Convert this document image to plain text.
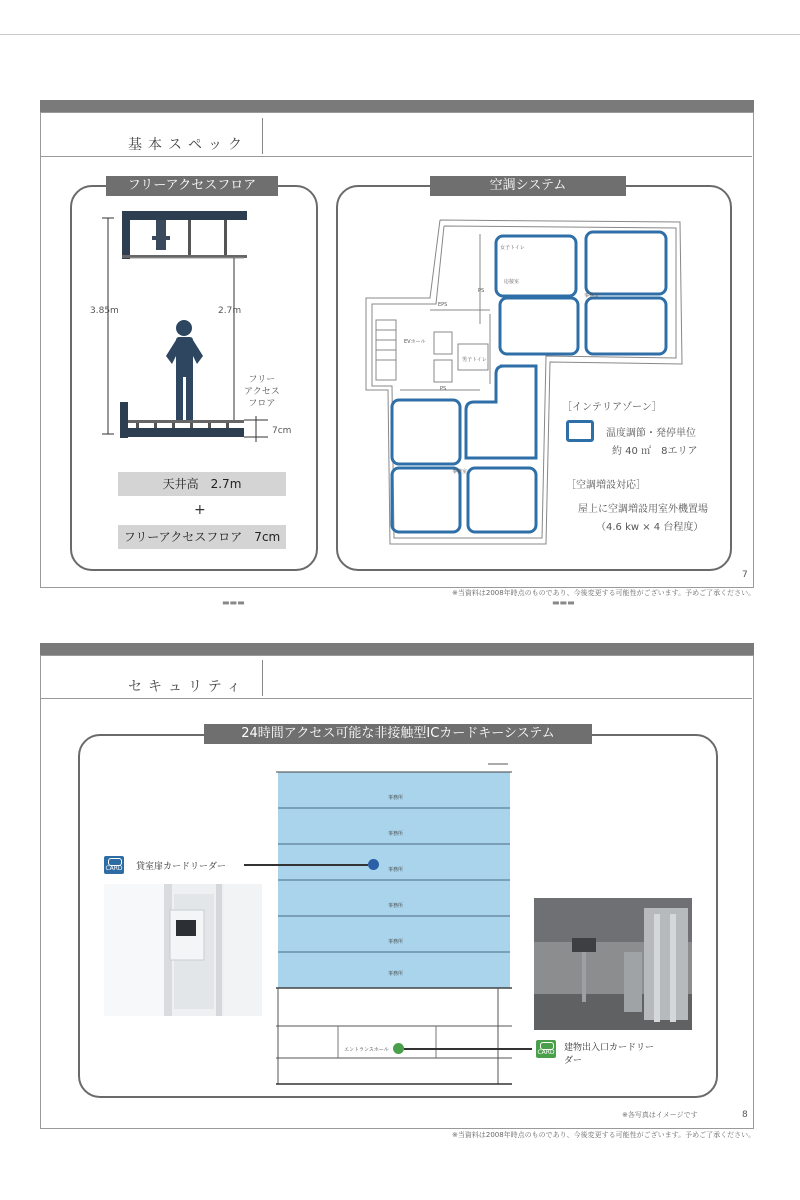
基本スペック
フリーアクセスフロア
3.85m	2.7m
フリー
アクセス
フロア
7cm
天井高　2.7m
+
フリーアクセスフロア　7cm
空調システム
女子トイレ
応接室
事務室
EVホール
男子トイレ
EPS
PS
PS
事務室
［インテリアゾーン］
温度調節・発停単位
約 40 ㎡　8エリア
［空調増設対応］
屋上に空調増設用室外機置場
（4.6 kw × 4 台程度）
7
※当資料は2008年時点のものであり、今後変更する可能性がございます。予めご了承ください。
▬▬▬	▬▬▬
セキュリティ
24時間アクセス可能な非接触型ICカードキーシステム
事務所
事務所
事務所
事務所
事務所
事務所
エントランスホール
CARD 貸室扉カードリーダー
CARD 建物出入口カードリー
ダー
※各写真はイメージです	8
※当資料は2008年時点のものであり、今後変更する可能性がございます。予めご了承ください。
